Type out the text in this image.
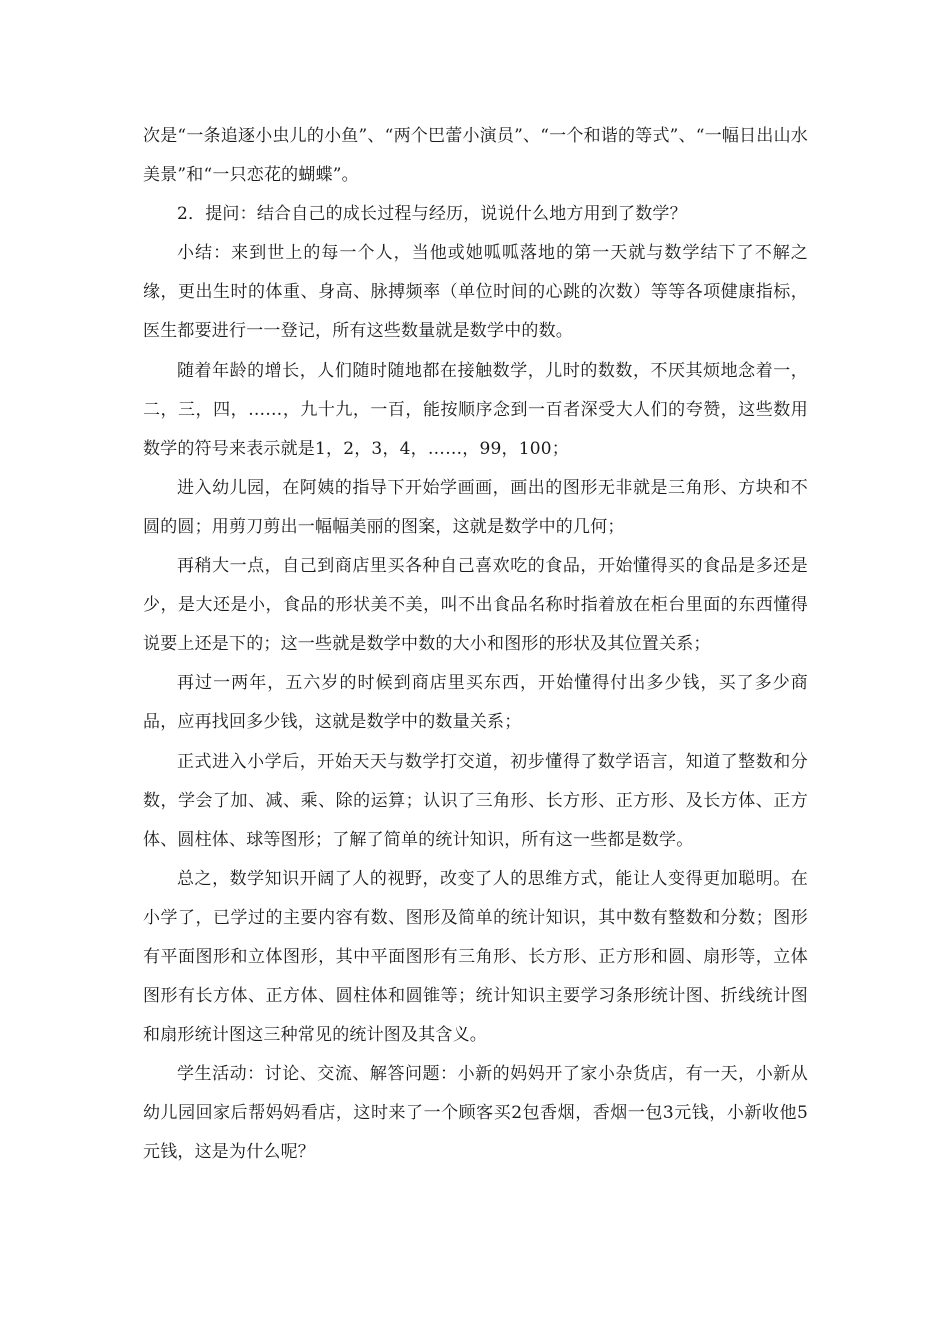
次是“一条追逐小虫儿的小鱼”、“两个巴蕾小演员”、“一个和谐的等式”、“一幅日出山水美景”和“一只恋花的蝴蝶”。

2．提问：结合自己的成长过程与经历，说说什么地方用到了数学？

小结：来到世上的每一个人，当他或她呱呱落地的第一天就与数学结下了不解之缘，更出生时的体重、身高、脉搏频率（单位时间的心跳的次数）等等各项健康指标，医生都要进行一一登记，所有这些数量就是数学中的数。

随着年龄的增长，人们随时随地都在接触数学，儿时的数数，不厌其烦地念着一，二，三，四，……，九十九，一百，能按顺序念到一百者深受大人们的夸赞，这些数用数学的符号来表示就是1，2，3，4，……，99，100；

进入幼儿园，在阿姨的指导下开始学画画，画出的图形无非就是三角形、方块和不圆的圆；用剪刀剪出一幅幅美丽的图案，这就是数学中的几何；

再稍大一点，自己到商店里买各种自己喜欢吃的食品，开始懂得买的食品是多还是少，是大还是小，食品的形状美不美，叫不出食品名称时指着放在柜台里面的东西懂得说要上还是下的；这一些就是数学中数的大小和图形的形状及其位置关系；

再过一两年，五六岁的时候到商店里买东西，开始懂得付出多少钱，买了多少商品，应再找回多少钱，这就是数学中的数量关系；

正式进入小学后，开始天天与数学打交道，初步懂得了数学语言，知道了整数和分数，学会了加、减、乘、除的运算；认识了三角形、长方形、正方形、及长方体、正方体、圆柱体、球等图形；了解了简单的统计知识，所有这一些都是数学。

总之，数学知识开阔了人的视野，改变了人的思维方式，能让人变得更加聪明。在小学了，已学过的主要内容有数、图形及简单的统计知识，其中数有整数和分数；图形有平面图形和立体图形，其中平面图形有三角形、长方形、正方形和圆、扇形等，立体图形有长方体、正方体、圆柱体和圆锥等；统计知识主要学习条形统计图、折线统计图和扇形统计图这三种常见的统计图及其含义。

学生活动：讨论、交流、解答问题：小新的妈妈开了家小杂货店，有一天，小新从幼儿园回家后帮妈妈看店，这时来了一个顾客买2包香烟，香烟一包3元钱，小新收他5元钱，这是为什么呢？
